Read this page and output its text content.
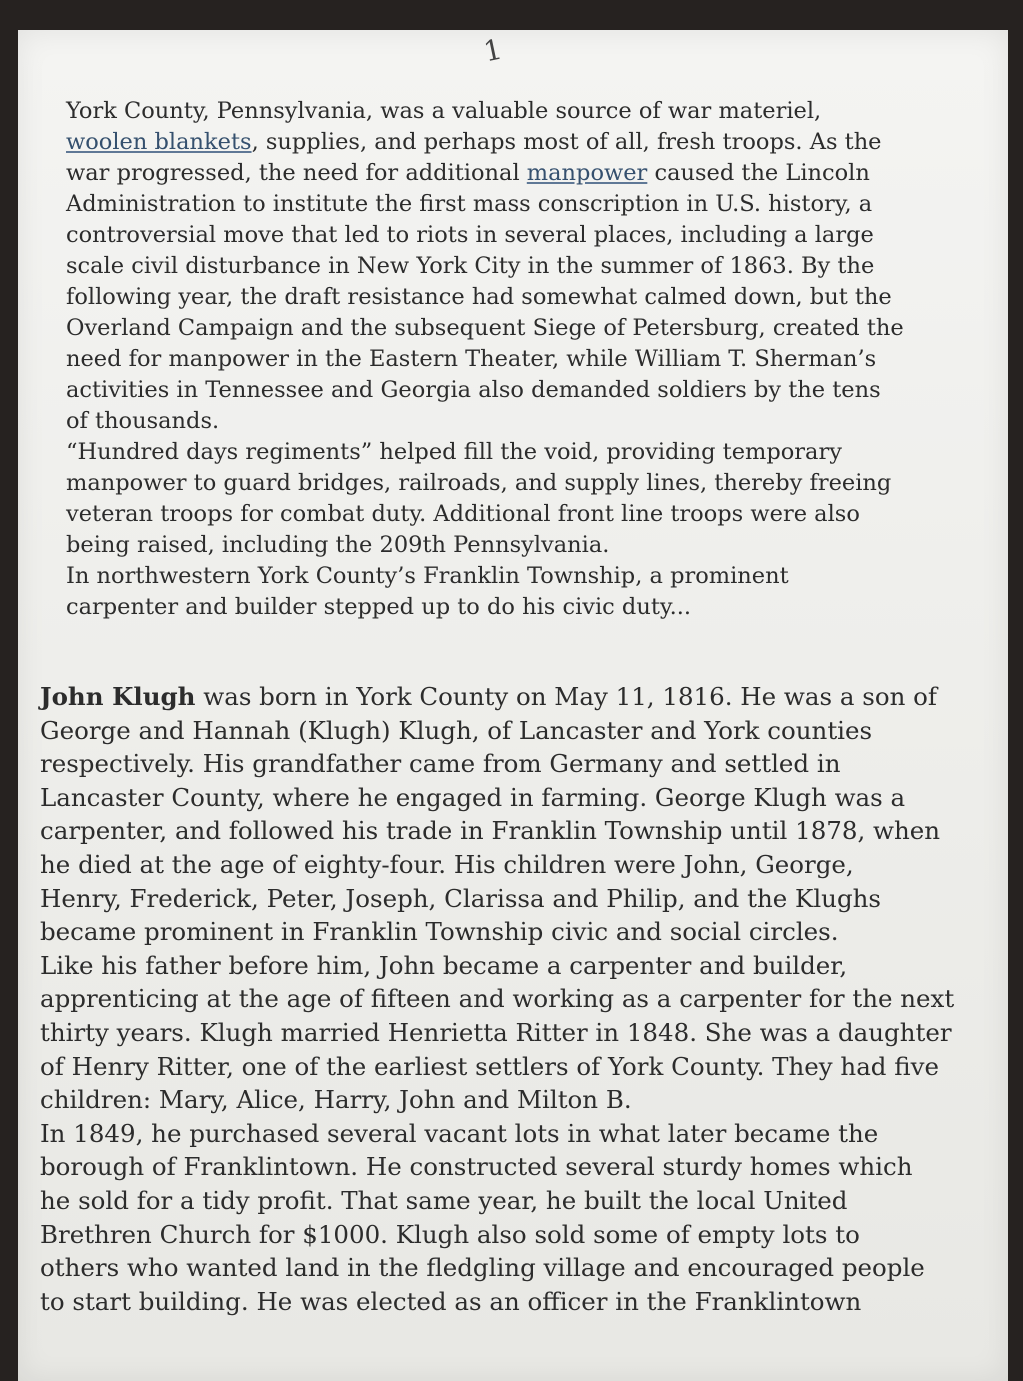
1
York County, Pennsylvania, was a valuable source of war materiel,
woolen blankets, supplies, and perhaps most of all, fresh troops. As the
war progressed, the need for additional manpower caused the Lincoln
Administration to institute the first mass conscription in U.S. history, a
controversial move that led to riots in several places, including a large
scale civil disturbance in New York City in the summer of 1863. By the
following year, the draft resistance had somewhat calmed down, but the
Overland Campaign and the subsequent Siege of Petersburg, created the
need for manpower in the Eastern Theater, while William T. Sherman’s
activities in Tennessee and Georgia also demanded soldiers by the tens
of thousands.
“Hundred days regiments” helped fill the void, providing temporary
manpower to guard bridges, railroads, and supply lines, thereby freeing
veteran troops for combat duty. Additional front line troops were also
being raised, including the 209th Pennsylvania.
In northwestern York County’s Franklin Township, a prominent
carpenter and builder stepped up to do his civic duty...
John Klugh was born in York County on May 11, 1816. He was a son of
George and Hannah (Klugh) Klugh, of Lancaster and York counties
respectively. His grandfather came from Germany and settled in
Lancaster County, where he engaged in farming. George Klugh was a
carpenter, and followed his trade in Franklin Township until 1878, when
he died at the age of eighty-four. His children were John, George,
Henry, Frederick, Peter, Joseph, Clarissa and Philip, and the Klughs
became prominent in Franklin Township civic and social circles.
Like his father before him, John became a carpenter and builder,
apprenticing at the age of fifteen and working as a carpenter for the next
thirty years. Klugh married Henrietta Ritter in 1848. She was a daughter
of Henry Ritter, one of the earliest settlers of York County. They had five
children: Mary, Alice, Harry, John and Milton B.
In 1849, he purchased several vacant lots in what later became the
borough of Franklintown. He constructed several sturdy homes which
he sold for a tidy profit. That same year, he built the local United
Brethren Church for $1000. Klugh also sold some of empty lots to
others who wanted land in the fledgling village and encouraged people
to start building. He was elected as an officer in the Franklintown
